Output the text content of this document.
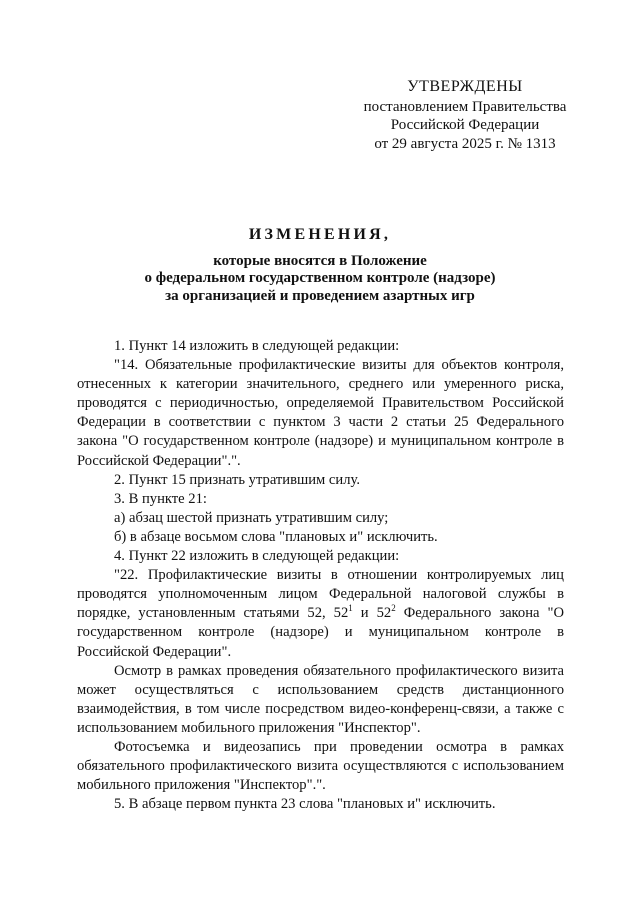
УТВЕРЖДЕНЫ
постановлением Правительства
Российской Федерации
от 29 августа 2025 г. № 1313
ИЗМЕНЕНИЯ,
которые вносятся в Положение
о федеральном государственном контроле (надзоре)
за организацией и проведением азартных игр

1. Пункт 14 изложить в следующей редакции:

"14. Обязательные профилактические визиты для объектов контроля, отнесенных к категории значительного, среднего или умеренного риска, проводятся с периодичностью, определяемой Правительством Российской Федерации в соответствии с пунктом 3 части 2 статьи 25 Федерального закона "О государственном контроле (надзоре) и муниципальном контроле в Российской Федерации".".

2. Пункт 15 признать утратившим силу.

3. В пункте 21:

а) абзац шестой признать утратившим силу;

б) в абзаце восьмом слова "плановых и" исключить.

4. Пункт 22 изложить в следующей редакции:

"22. Профилактические визиты в отношении контролируемых лиц проводятся уполномоченным лицом Федеральной налоговой службы в порядке, установленным статьями 52, $52^1$ и $52^2$ Федерального закона "О государственном контроле (надзоре) и муниципальном контроле в Российской Федерации".

Осмотр в рамках проведения обязательного профилактического визита может осуществляться с использованием средств дистанционного взаимодействия, в том числе посредством видео-конференц-связи, а также с использованием мобильного приложения "Инспектор".

Фотосъемка и видеозапись при проведении осмотра в рамках обязательного профилактического визита осуществляются с использованием мобильного приложения "Инспектор".".

5. В абзаце первом пункта 23 слова "плановых и" исключить.
